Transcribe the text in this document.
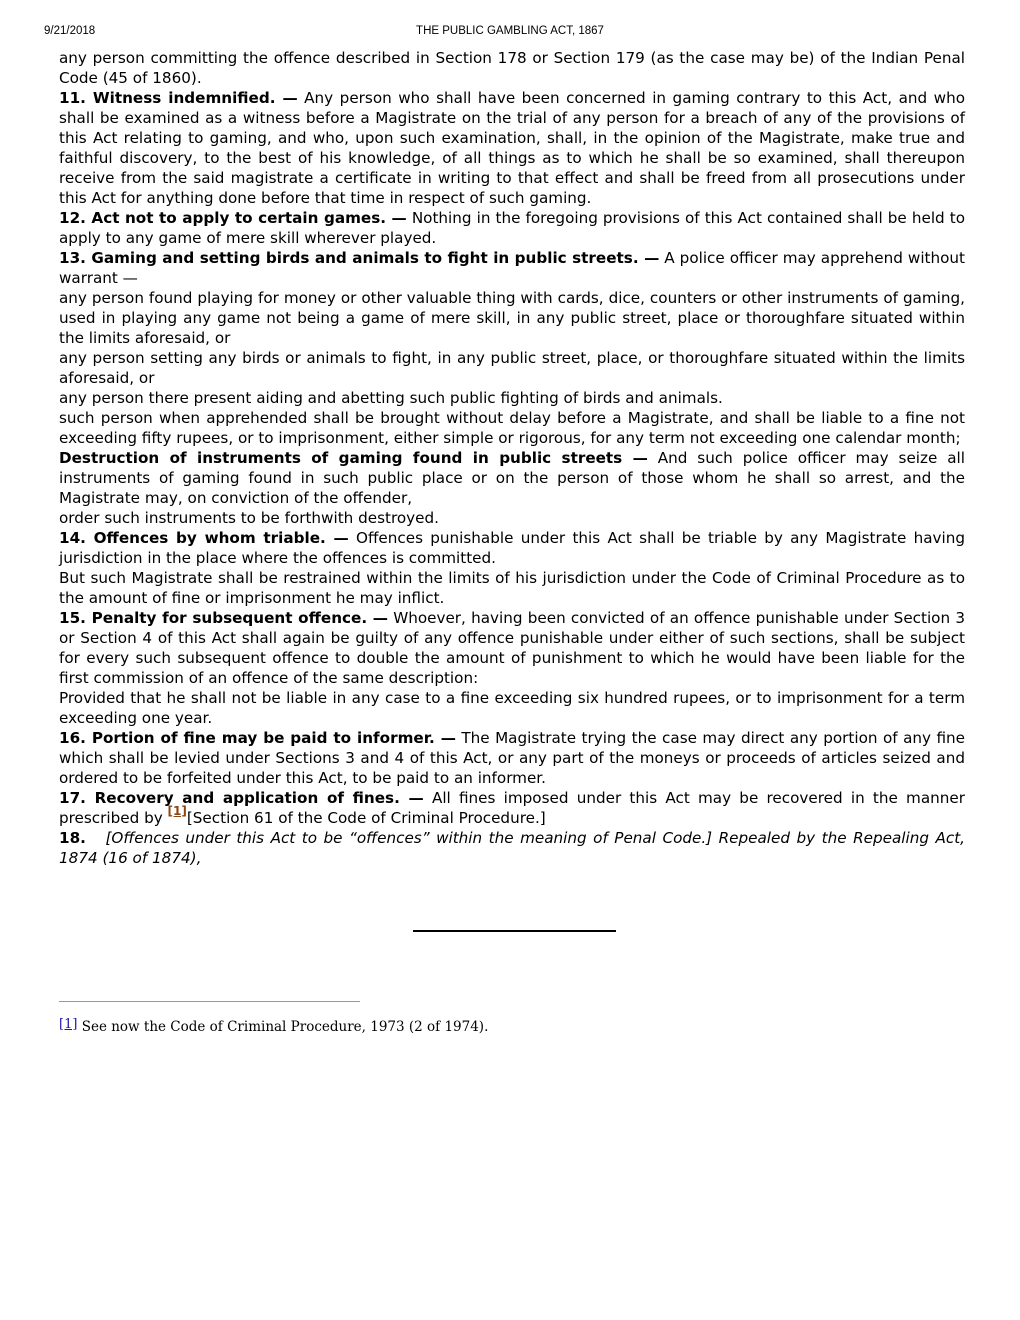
9/21/2018	THE PUBLIC GAMBLING ACT, 1867

any person committing the offence described in Section 178 or Section 179 (as the case may be) of the Indian Penal Code (45 of 1860).

11. Witness indemnified. — Any person who shall have been concerned in gaming contrary to this Act, and who shall be examined as a witness before a Magistrate on the trial of any person for a breach of any of the provisions of this Act relating to gaming, and who, upon such examination, shall, in the opinion of the Magistrate, make true and faithful discovery, to the best of his knowledge, of all things as to which he shall be so examined, shall thereupon receive from the said magistrate a certificate in writing to that effect and shall be freed from all prosecutions under this Act for anything done before that time in respect of such gaming.

12. Act not to apply to certain games. — Nothing in the foregoing provisions of this Act contained shall be held to apply to any game of mere skill wherever played.

13. Gaming and setting birds and animals to fight in public streets. — A police officer may apprehend without warrant —

any person found playing for money or other valuable thing with cards, dice, counters or other instruments of gaming, used in playing any game not being a game of mere skill, in any public street, place or thoroughfare situated within the limits aforesaid, or

any person setting any birds or animals to fight, in any public street, place, or thoroughfare situated within the limits aforesaid, or

any person there present aiding and abetting such public fighting of birds and animals.

such person when apprehended shall be brought without delay before a Magistrate, and shall be liable to a fine not exceeding fifty rupees, or to imprisonment, either simple or rigorous, for any term not exceeding one calendar month;

Destruction of instruments of gaming found in public streets — And such police officer may seize all instruments of gaming found in such public place or on the person of those whom he shall so arrest, and the Magistrate may, on conviction of the offender,

order such instruments to be forthwith destroyed.

14. Offences by whom triable. — Offences punishable under this Act shall be triable by any Magistrate having jurisdiction in the place where the offences is committed.

But such Magistrate shall be restrained within the limits of his jurisdiction under the Code of Criminal Procedure as to the amount of fine or imprisonment he may inflict.

15. Penalty for subsequent offence. — Whoever, having been convicted of an offence punishable under Section 3 or Section 4 of this Act shall again be guilty of any offence punishable under either of such sections, shall be subject for every such subsequent offence to double the amount of punishment to which he would have been liable for the first commission of an offence of the same description:

Provided that he shall not be liable in any case to a fine exceeding six hundred rupees, or to imprisonment for a term exceeding one year.

16. Portion of fine may be paid to informer. — The Magistrate trying the case may direct any portion of any fine which shall be levied under Sections 3 and 4 of this Act, or any part of the moneys or proceeds of articles seized and ordered to be forfeited under this Act, to be paid to an informer.

17. Recovery and application of fines. — All fines imposed under this Act may be recovered in the manner prescribed by [1][Section 61 of the Code of Criminal Procedure.]

18. [Offences under this Act to be “offences” within the meaning of Penal Code.] Repealed by the Repealing Act, 1874 (16 of 1874),

[1] See now the Code of Criminal Procedure, 1973 (2 of 1974).
